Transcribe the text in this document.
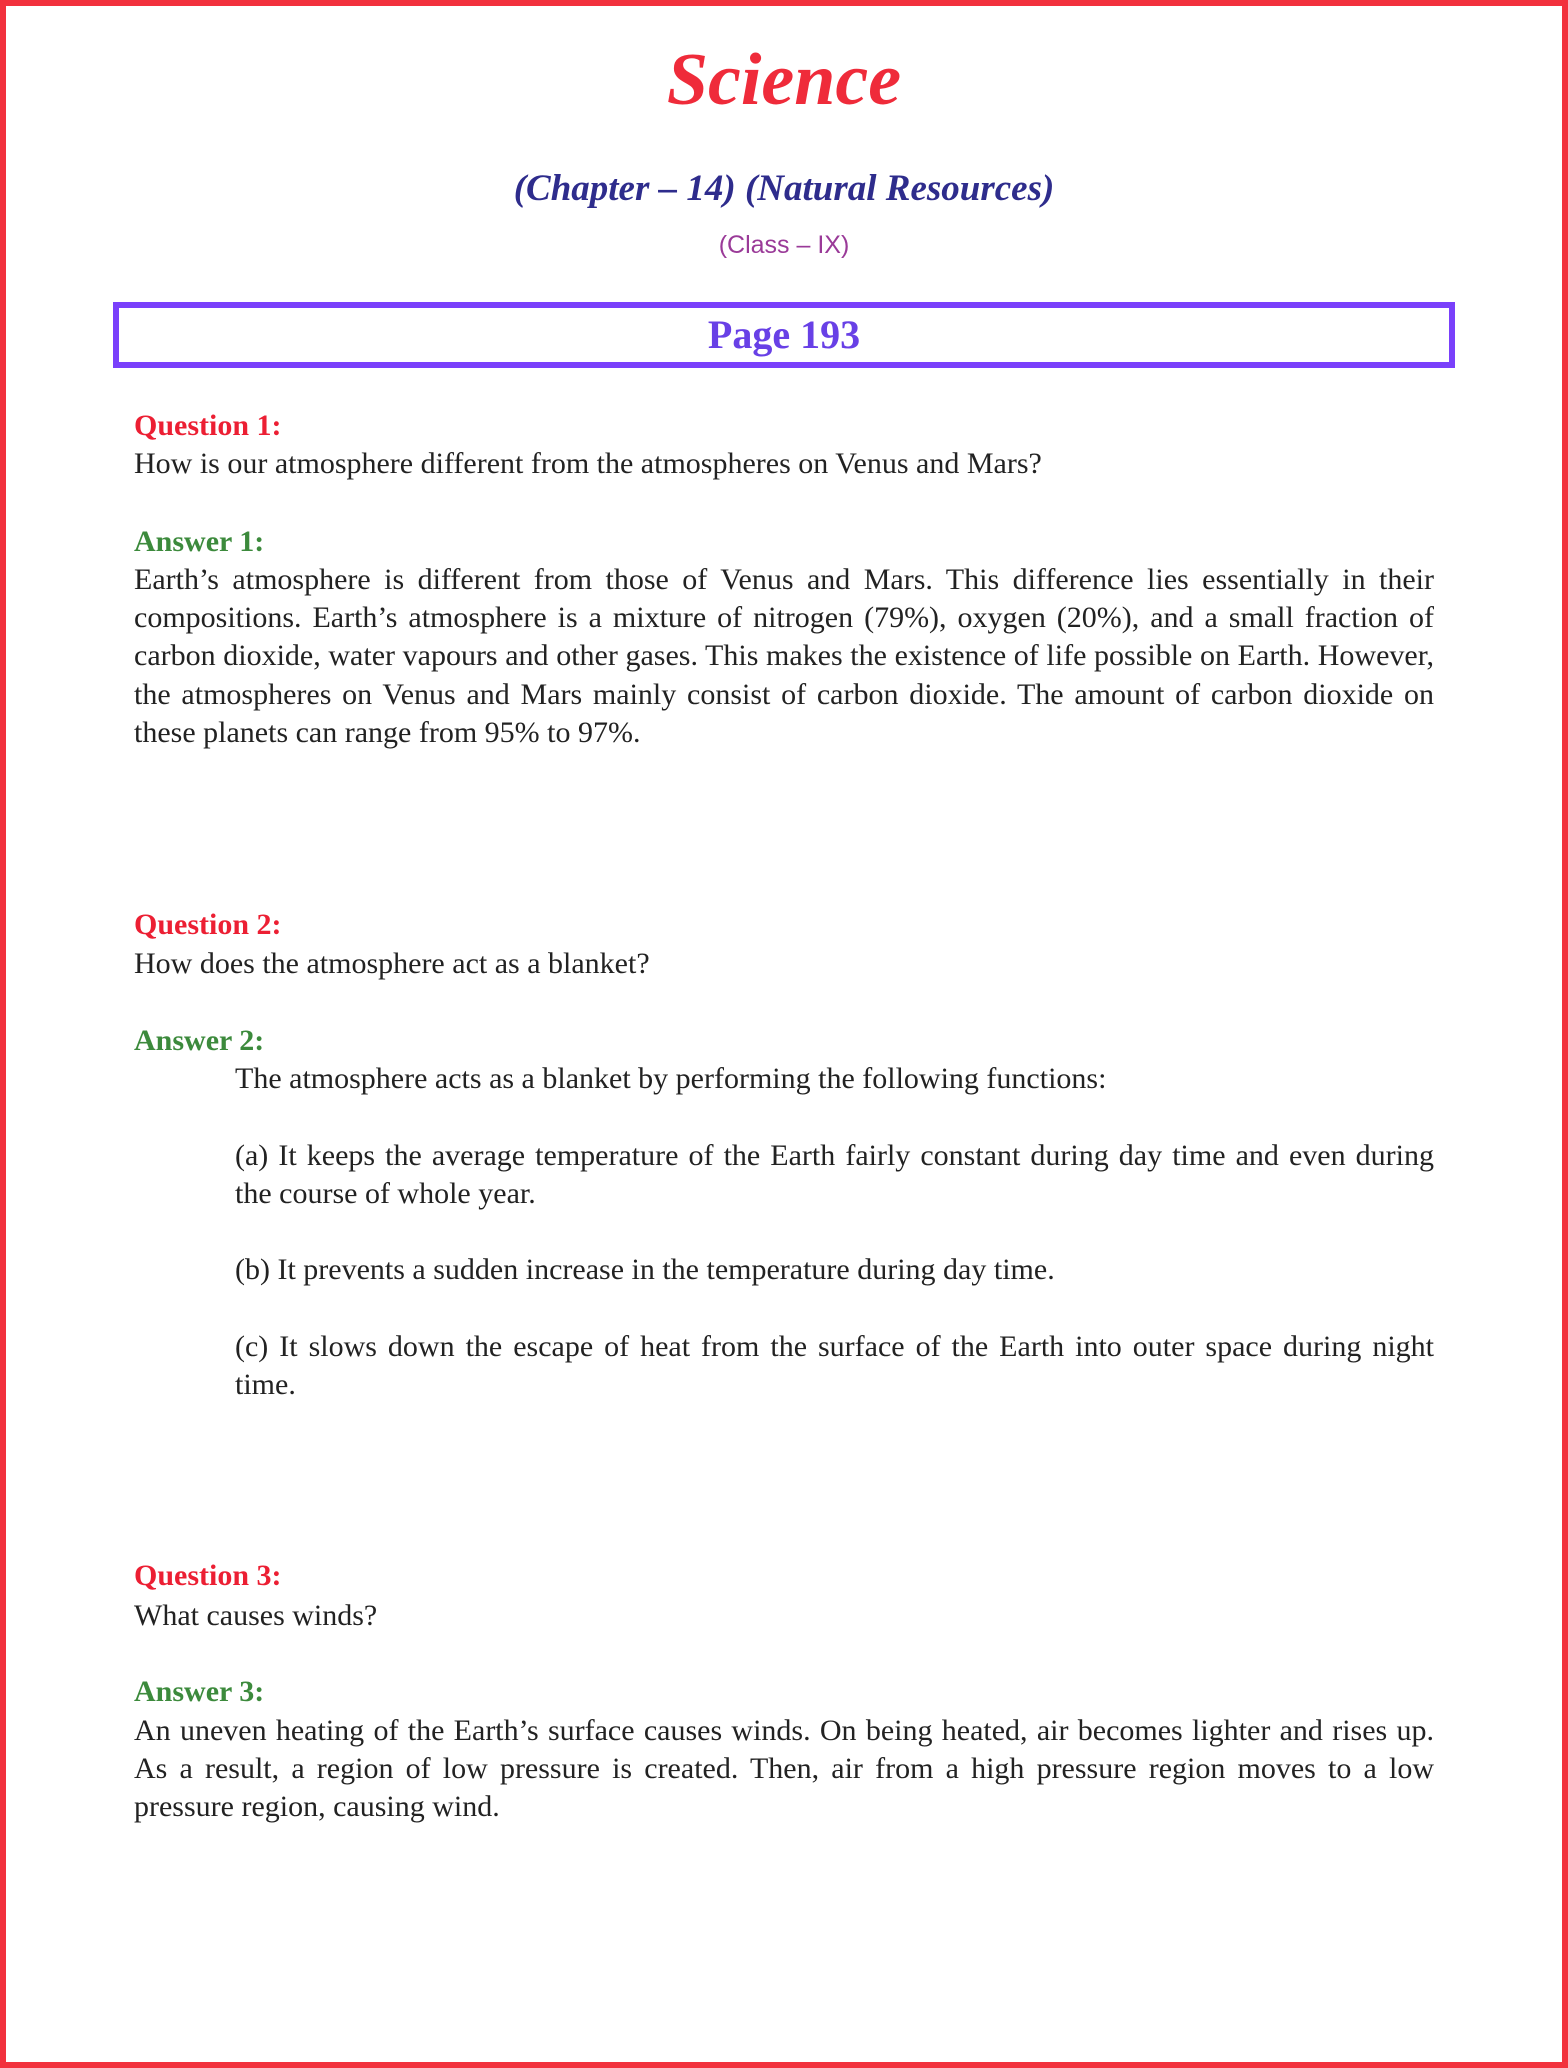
Science
(Chapter – 14) (Natural Resources)
(Class – IX)
Page 193
Question 1:
How is our atmosphere different from the atmospheres on Venus and Mars?
Answer 1:
Earth’s atmosphere is different from those of Venus and Mars. This difference lies essentially in their compositions. Earth’s atmosphere is a mixture of nitrogen (79%), oxygen (20%), and a small fraction of carbon dioxide, water vapours and other gases. This makes the existence of life possible on Earth. However, the atmospheres on Venus and Mars mainly consist of carbon dioxide. The amount of carbon dioxide on these planets can range from 95% to 97%.
Question 2:
How does the atmosphere act as a blanket?
Answer 2:
The atmosphere acts as a blanket by performing the following functions:
(a) It keeps the average temperature of the Earth fairly constant during day time and even during the course of whole year.
(b) It prevents a sudden increase in the temperature during day time.
(c) It slows down the escape of heat from the surface of the Earth into outer space during night time.
Question 3:
What causes winds?
Answer 3:
An uneven heating of the Earth’s surface causes winds. On being heated, air becomes lighter and rises up. As a result, a region of low pressure is created. Then, air from a high pressure region moves to a low pressure region, causing wind.
